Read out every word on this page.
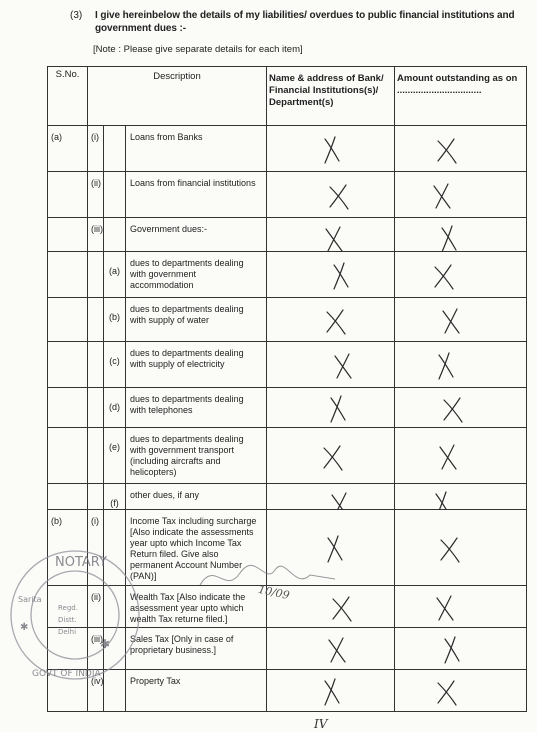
(3) I give hereinbelow the details of my liabilities/ overdues to public financial institutions and government dues :-
[Note : Please give separate details for each item]
S.No.	Description			Name & address of Bank/ Financial Institutions(s)/ Department(s)	Amount outstanding as on ................................
(a)	(i)		Loans from Banks	

	(ii)		Loans from financial institutions	

	(iii)		Government dues:-	

		(a)	dues to departments dealing with government accommodation	

		(b)	dues to departments dealing with supply of water	

		(c)	dues to departments dealing with supply of electricity	

		(d)	dues to departments dealing with telephones	

		(e)	dues to departments dealing with government transport (including aircrafts and helicopters)	

		(f)	other dues, if any	

(b)	(i)		Income Tax including surcharge [Also indicate the assessments year upto which Income Tax Return filed. Give also permanent Account Number (PAN)]	

	(ii)		Wealth Tax [Also indicate the assessment year upto which wealth Tax returne filed.]	

	(iii)		Sales Tax [Only in case of proprietary business.]	

	(iv)		Property Tax	

NOTARY
Sarita
GOVT OF INDIA
Regd.
Distt.
Delhi
✱
✱
10/09
IV
